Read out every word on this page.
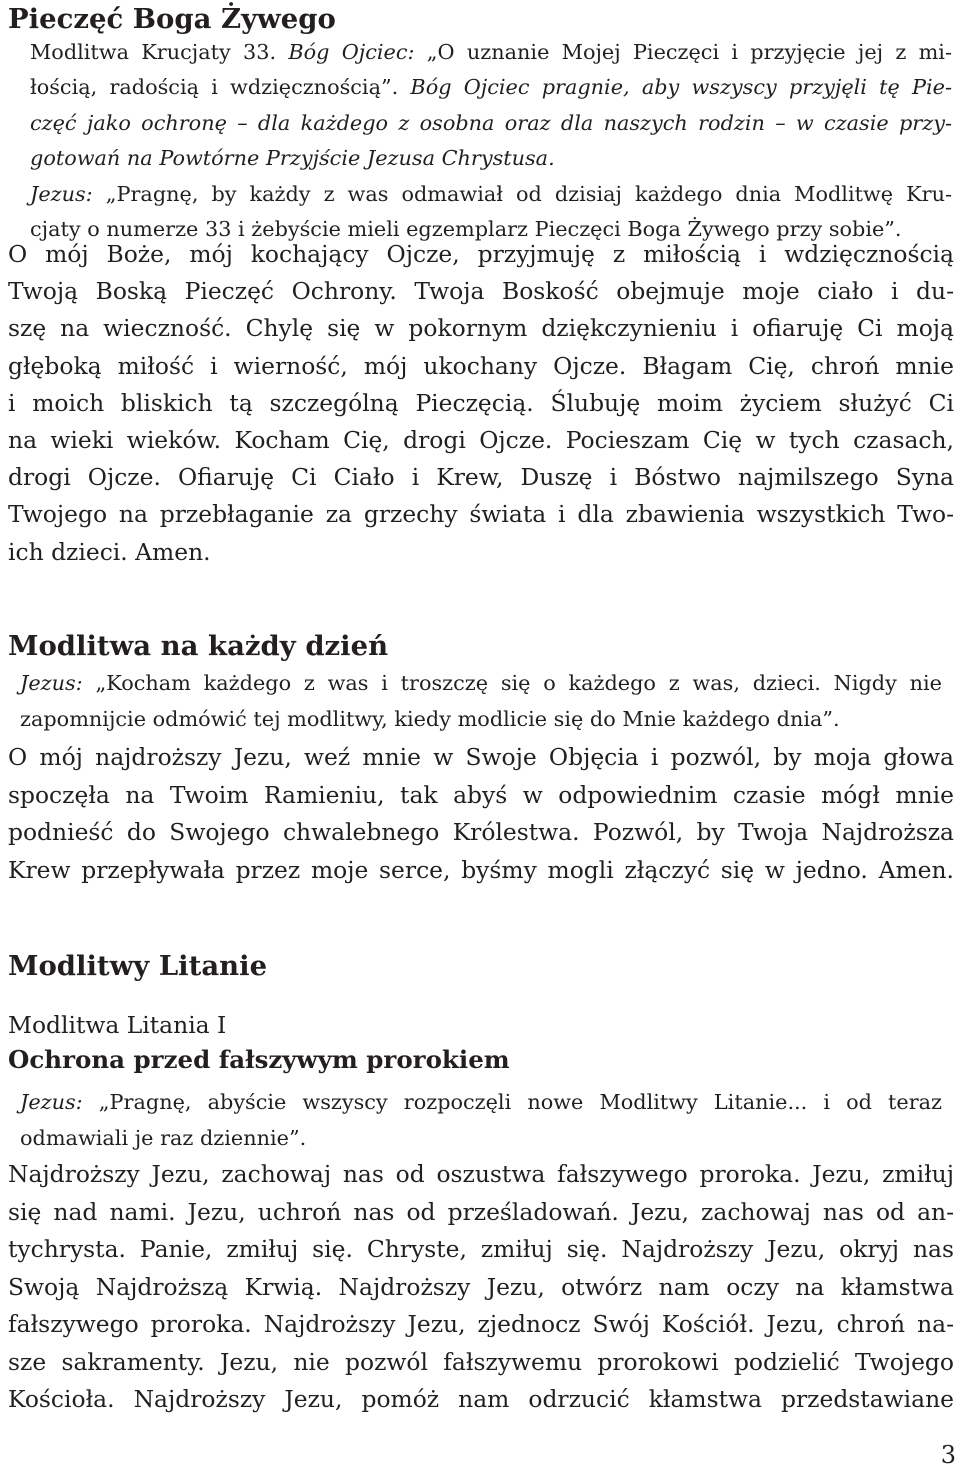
Pieczęć Boga Żywego
Modlitwa Krucjaty 33. Bóg Ojciec: „O uznanie Mojej Pieczęci i przyjęcie jej z mi-
łością, radością i wdzięcznością”. Bóg Ojciec pragnie, aby wszyscy przyjęli tę Pie-
częć jako ochronę – dla każdego z osobna oraz dla naszych rodzin – w czasie przy-
gotowań na Powtórne Przyjście Jezusa Chrystusa.
Jezus: „Pragnę, by każdy z was odmawiał od dzisiaj każdego dnia Modlitwę Kru-
cjaty o numerze 33 i żebyście mieli egzemplarz Pieczęci Boga Żywego przy sobie”.
O mój Boże, mój kochający Ojcze, przyjmuję z miłością i wdzięcznością
Twoją Boską Pieczęć Ochrony. Twoja Boskość obejmuje moje ciało i du-
szę na wieczność. Chylę się w pokornym dziękczynieniu i ofiaruję Ci moją
głęboką miłość i wierność, mój ukochany Ojcze. Błagam Cię, chroń mnie
i moich bliskich tą szczególną Pieczęcią. Ślubuję moim życiem służyć Ci
na wieki wieków. Kocham Cię, drogi Ojcze. Pocieszam Cię w tych czasach,
drogi Ojcze. Ofiaruję Ci Ciało i Krew, Duszę i Bóstwo najmilszego Syna
Twojego na przebłaganie za grzechy świata i dla zbawienia wszystkich Two-
ich dzieci. Amen.
Modlitwa na każdy dzień
Jezus: „Kocham każdego z was i troszczę się o każdego z was, dzieci. Nigdy nie
zapomnijcie odmówić tej modlitwy, kiedy modlicie się do Mnie każdego dnia”.
O mój najdroższy Jezu, weź mnie w Swoje Objęcia i pozwól, by moja głowa
spoczęła na Twoim Ramieniu, tak abyś w odpowiednim czasie mógł mnie
podnieść do Swojego chwalebnego Królestwa. Pozwól, by Twoja Najdroższa
Krew przepływała przez moje serce, byśmy mogli złączyć się w jedno. Amen.
Modlitwy Litanie
Modlitwa Litania I
Ochrona przed fałszywym prorokiem
Jezus: „Pragnę, abyście wszyscy rozpoczęli nowe Modlitwy Litanie... i od teraz
odmawiali je raz dziennie”.
Najdroższy Jezu, zachowaj nas od oszustwa fałszywego proroka. Jezu, zmiłuj
się nad nami. Jezu, uchroń nas od prześladowań. Jezu, zachowaj nas od an-
tychrysta. Panie, zmiłuj się. Chryste, zmiłuj się. Najdroższy Jezu, okryj nas
Swoją Najdroższą Krwią. Najdroższy Jezu, otwórz nam oczy na kłamstwa
fałszywego proroka. Najdroższy Jezu, zjednocz Swój Kościół. Jezu, chroń na-
sze sakramenty. Jezu, nie pozwól fałszywemu prorokowi podzielić Twojego
Kościoła. Najdroższy Jezu, pomóż nam odrzucić kłamstwa przedstawiane
3
